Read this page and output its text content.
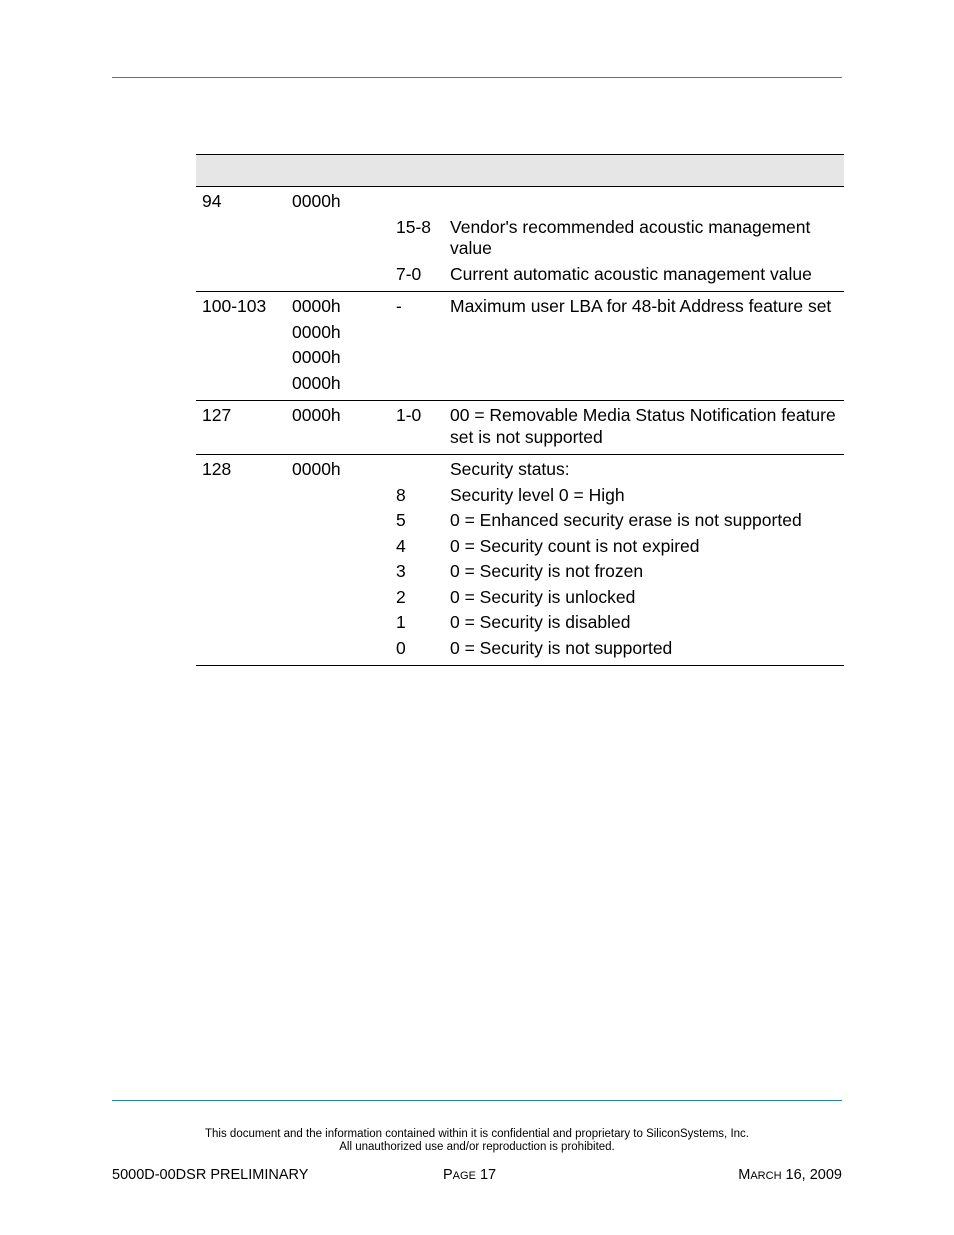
94	0000h		
		15-8	Vendor's recommended acoustic management value
		7-0	Current automatic acoustic management value
100-103	0000h	-	Maximum user LBA for 48-bit Address feature set
	0000h		
	0000h		
	0000h		
127	0000h	1-0	00 = Removable Media Status Notification feature set is not supported
128	0000h		Security status:
		8	Security level 0 = High
		5	0 = Enhanced security erase is not supported
		4	0 = Security count is not expired
		3	0 = Security is not frozen
		2	0 = Security is unlocked
		1	0 = Security is disabled
		0	0 = Security is not supported
This document and the information contained within it is confidential and proprietary to SiliconSystems, Inc.
All unauthorized use and/or reproduction is prohibited.
5000D-00DSR PRELIMINARY	PAGE 17	MARCH 16, 2009
